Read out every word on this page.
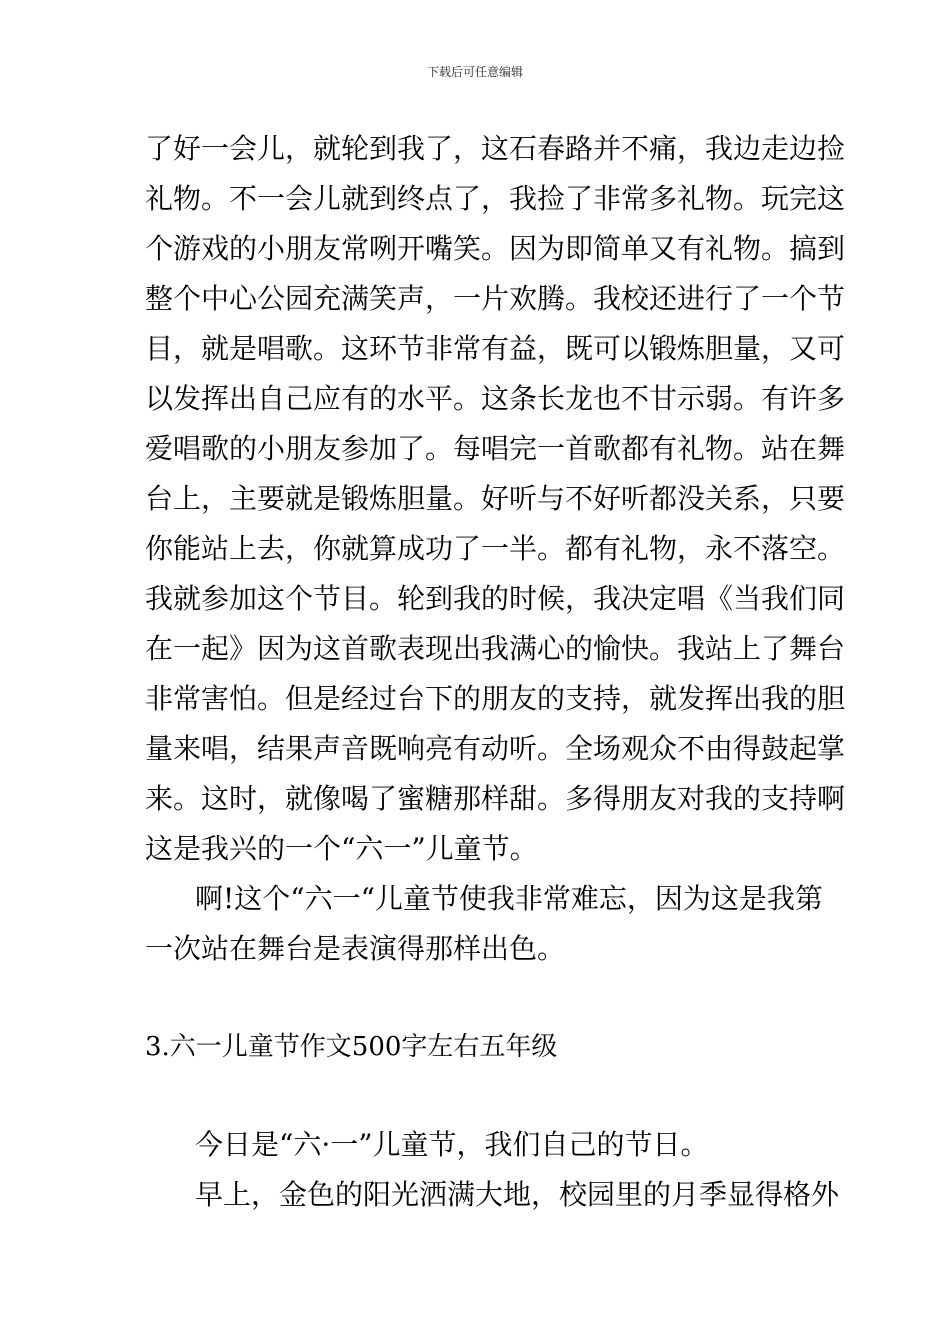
下载后可任意编辑
了好一会儿，就轮到我了，这石春路并不痛，我边走边捡
礼物。不一会儿就到终点了，我捡了非常多礼物。玩完这
个游戏的小朋友常咧开嘴笑。因为即简单又有礼物。搞到
整个中心公园充满笑声，一片欢腾。我校还进行了一个节
目，就是唱歌。这环节非常有益，既可以锻炼胆量，又可
以发挥出自己应有的水平。这条长龙也不甘示弱。有许多
爱唱歌的小朋友参加了。每唱完一首歌都有礼物。站在舞
台上，主要就是锻炼胆量。好听与不好听都没关系，只要
你能站上去，你就算成功了一半。都有礼物，永不落空。
我就参加这个节目。轮到我的时候，我决定唱《当我们同
在一起》因为这首歌表现出我满心的愉快。我站上了舞台
非常害怕。但是经过台下的朋友的支持，就发挥出我的胆
量来唱，结果声音既响亮有动听。全场观众不由得鼓起掌
来。这时，就像喝了蜜糖那样甜。多得朋友对我的支持啊
这是我兴的一个“六一”儿童节。
啊!这个“六一“儿童节使我非常难忘，因为这是我第
一次站在舞台是表演得那样出色。
3.六一儿童节作文500字左右五年级
今日是“六·一”儿童节，我们自己的节日。
早上，金色的阳光洒满大地，校园里的月季显得格外
